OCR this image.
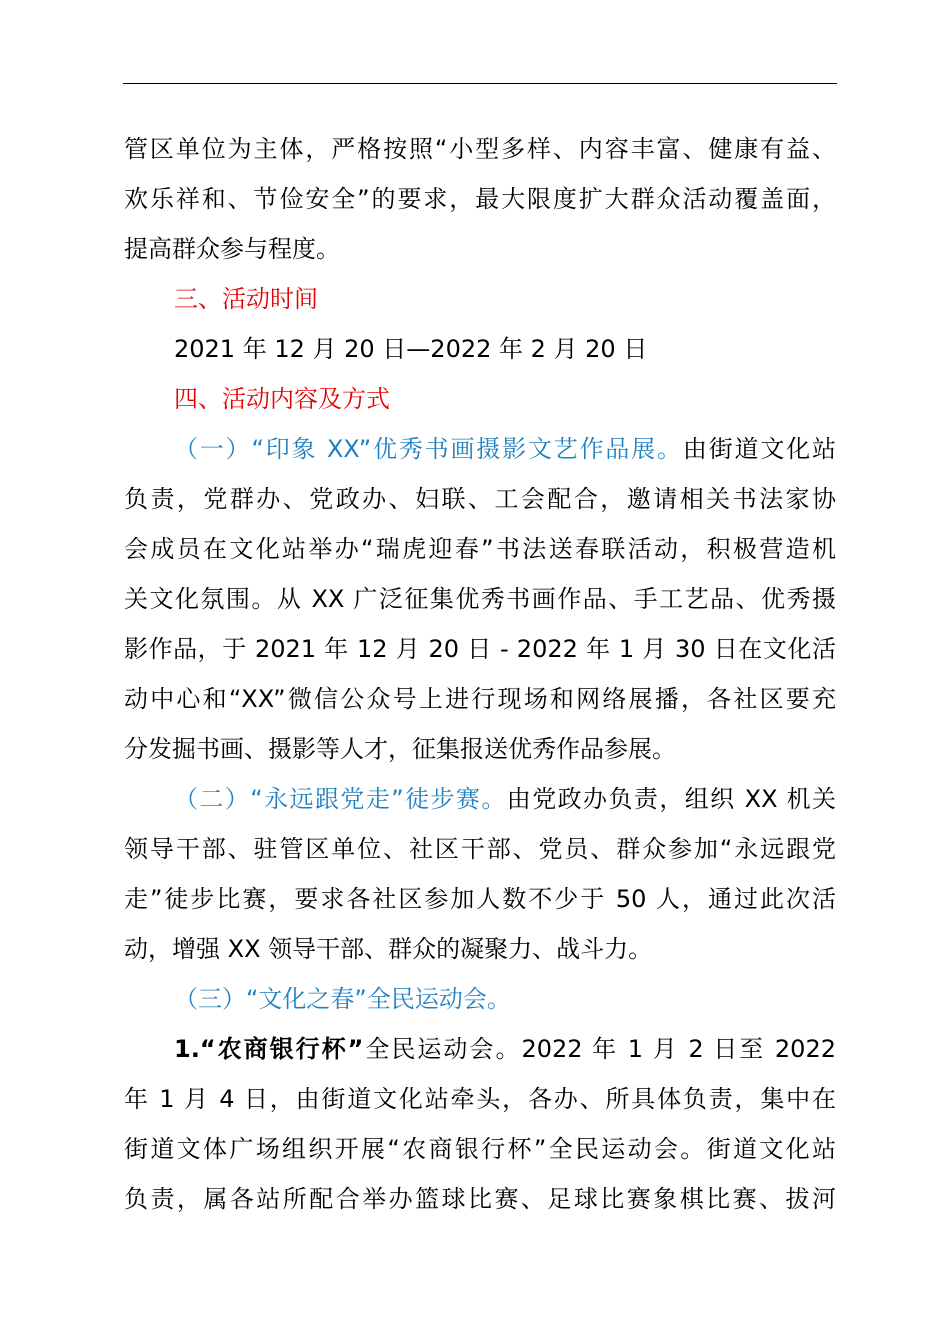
管区单位为主体，严格按照“小型多样、内容丰富、健康有益、
欢乐祥和、节俭安全”的要求，最大限度扩大群众活动覆盖面，
提高群众参与程度。
三、活动时间
2021 年 12 月 20 日—2022 年 2 月 20 日
四、活动内容及方式
（一）“印象 XX”优秀书画摄影文艺作品展。由街道文化站
负责，党群办、党政办、妇联、工会配合，邀请相关书法家协
会成员在文化站举办“瑞虎迎春”书法送春联活动，积极营造机
关文化氛围。从 XX 广泛征集优秀书画作品、手工艺品、优秀摄
影作品，于 2021 年 12 月 20 日 - 2022 年 1 月 30 日在文化活
动中心和“XX”微信公众号上进行现场和网络展播，各社区要充
分发掘书画、摄影等人才，征集报送优秀作品参展。
（二）“永远跟党走”徒步赛。由党政办负责，组织 XX 机关
领导干部、驻管区单位、社区干部、党员、群众参加“永远跟党
走”徒步比赛，要求各社区参加人数不少于 50 人，通过此次活
动，增强 XX 领导干部、群众的凝聚力、战斗力。
（三）“文化之春”全民运动会。
1.“农商银行杯”全民运动会。2022 年 1 月 2 日至 2022
年 1 月 4 日，由街道文化站牵头，各办、所具体负责，集中在
街道文体广场组织开展“农商银行杯”全民运动会。街道文化站
负责，属各站所配合举办篮球比赛、足球比赛象棋比赛、拔河
